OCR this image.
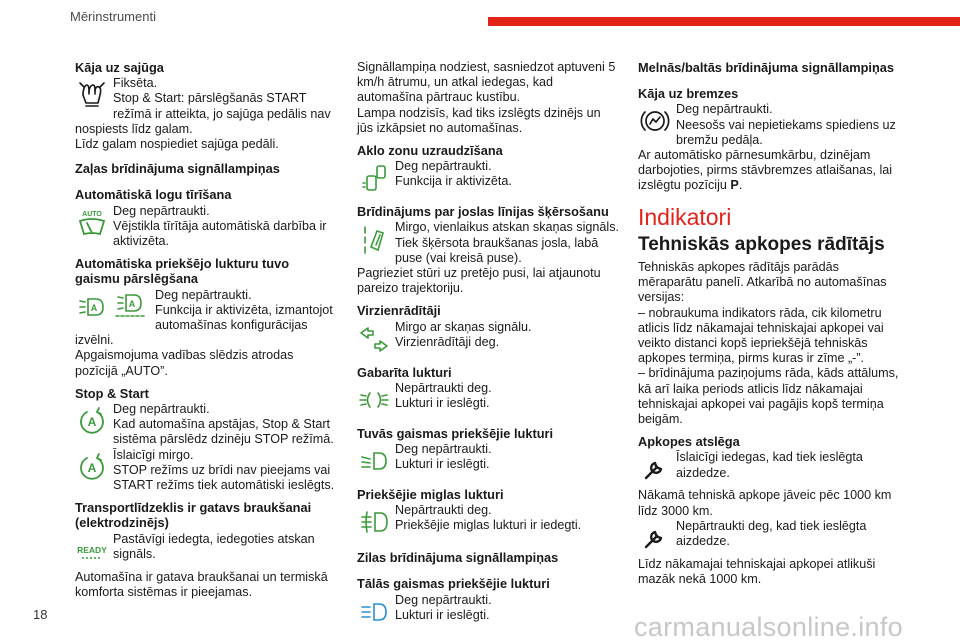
Mērinstrumenti
Kāja uz sajūga
Fiksēta.
Stop & Start: pārslēgšanās START režīmā ir atteikta, jo sajūga pedālis nav nospiests līdz galam.
Līdz galam nospiediet sajūga pedāli.
Zaļas brīdinājuma signāllampiņas
Automātiskā logu tīrīšana
AUTO Deg nepārtraukti.
Vējstikla tīrītāja automātiskā darbība ir aktivizēta.
Automātiska priekšējo lukturu tuvo gaismu pārslēgšana
A	A
Deg nepārtraukti.
Funkcija ir aktivizēta, izmantojot automašīnas konfigurācijas izvēlni.
Apgaismojuma vadības slēdzis atrodas pozīcijā „AUTO”.
Stop & Start
A
Deg nepārtraukti.
Kad automašīna apstājas, Stop & Start sistēma pārslēdz dzinēju STOP režīmā.
A
Īslaicīgi mirgo.
STOP režīms uz brīdi nav pieejams vai START režīms tiek automātiski ieslēgts.
Transportlīdzeklis ir gatavs braukšanai (elektrodzinējs)
READY
Pastāvīgi iedegta, iedegoties atskan signāls.
Automašīna ir gatava braukšanai un termiskā komforta sistēmas ir pieejamas.
Signāllampiņa nodziest, sasniedzot aptuveni 5 km/h ātrumu, un atkal iedegas, kad automašīna pārtrauc kustību.
Lampa nodzisīs, kad tiks izslēgts dzinējs un jūs izkāpsiet no automašīnas.
Aklo zonu uzraudzīšana
Deg nepārtraukti.
Funkcija ir aktivizēta.
Brīdinājums par joslas līnijas šķērsošanu
Mirgo, vienlaikus atskan skaņas signāls.
Tiek šķērsota braukšanas josla, labā puse (vai kreisā puse).
Pagrieziet stūri uz pretējo pusi, lai atjaunotu pareizo trajektoriju.
Virzienrādītāji
Mirgo ar skaņas signālu.
Virzienrādītāji deg.
Gabarīta lukturi
Nepārtraukti deg.
Lukturi ir ieslēgti.
Tuvās gaismas priekšējie lukturi
Deg nepārtraukti.
Lukturi ir ieslēgti.
Priekšējie miglas lukturi
Nepārtraukti deg.
Priekšējie miglas lukturi ir iedegti.
Zilas brīdinājuma signāllampiņas
Tālās gaismas priekšējie lukturi
Deg nepārtraukti.
Lukturi ir ieslēgti.
Melnās/baltās brīdinājuma signāllampiņas
Kāja uz bremzes
Deg nepārtraukti.
Neesošs vai nepietiekams spiediens uz bremžu pedāļa.
Ar automātisko pārnesumkārbu, dzinējam darbojoties, pirms stāvbremzes atlaišanas, lai izslēgtu pozīciju P.
Indikatori
Tehniskās apkopes rādītājs
Tehniskās apkopes rādītājs parādās mēraparātu panelī. Atkarībā no automašīnas versijas:
– nobraukuma indikators rāda, cik kilometru atlicis līdz nākamajai tehniskajai apkopei vai veikto distanci kopš iepriekšējā tehniskās apkopes termiņa, pirms kuras ir zīme „-”.
– brīdinājuma paziņojums rāda, kāds attālums, kā arī laika periods atlicis līdz nākamajai tehniskajai apkopei vai pagājis kopš termiņa beigām.
Apkopes atslēga
Īslaicīgi iedegas, kad tiek ieslēgta aizdedze.
Nākamā tehniskā apkope jāveic pēc 1000 km līdz 3000 km.
Nepārtraukti deg, kad tiek ieslēgta aizdedze.
Līdz nākamajai tehniskajai apkopei atlikuši mazāk nekā 1000 km.
18	carmanualsonline.info
